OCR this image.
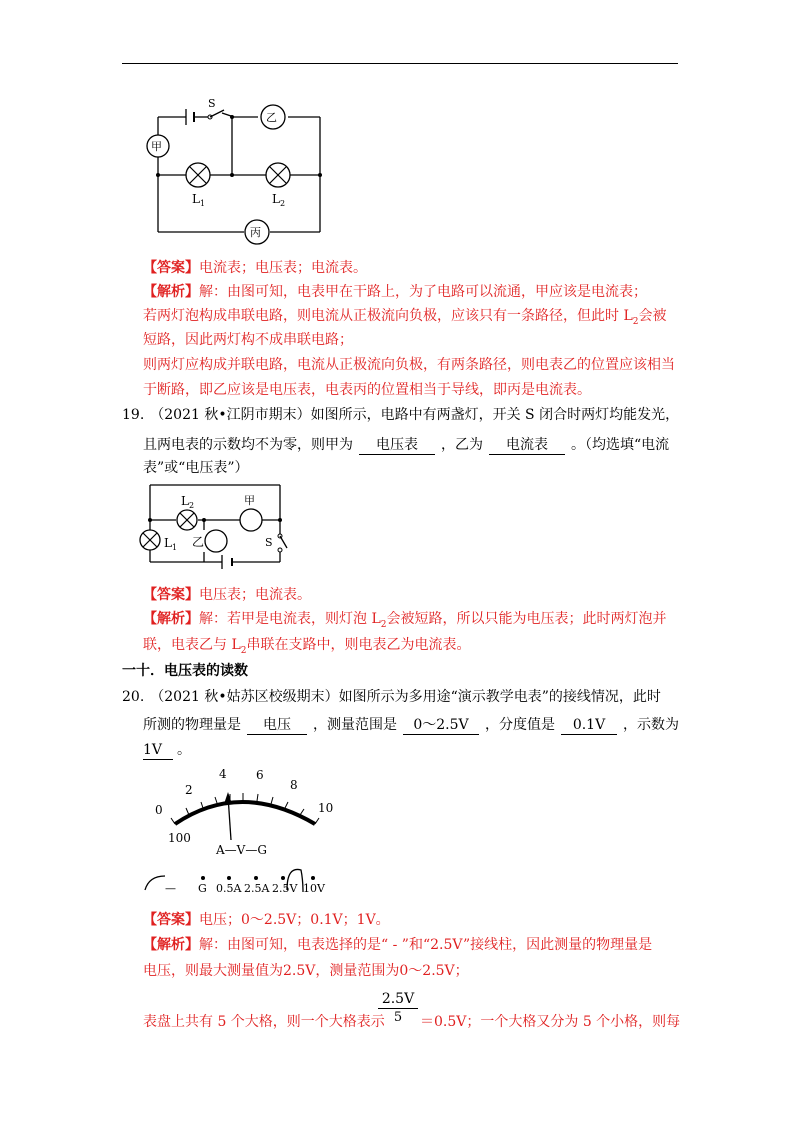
S
甲
乙
$L_1$	$L_2$
丙
【答案】电流表；电压表；电流表。
【解析】解：由图可知，电表甲在干路上，为了电路可以流通，甲应该是电流表；
若两灯泡构成串联电路，则电流从正极流向负极，应该只有一条路径，但此时 $L_2$会被
短路，因此两灯构不成串联电路；
则两灯应构成并联电路，电流从正极流向负极，有两条路径，则电表乙的位置应该相当
于断路，即乙应该是电压表，电表丙的位置相当于导线，即丙是电流表。
19. （2021 秋•江阴市期末）如图所示，电路中有两盏灯，开关 S 闭合时两灯均能发光，
且两电表的示数均不为零，则甲为 电压表 ，乙为 电流表 。（均选填“电流
表”或“电压表”）
$L_2$	甲
$L_1$ 乙	S
【答案】电压表；电流表。
【解析】解：若甲是电流表，则灯泡 $L_2$会被短路，所以只能为电压表；此时两灯泡并
联，电表乙与 $L_2$串联在支路中，则电表乙为电流表。
一十．电压表的读数
20. （2021 秋•姑苏区校级期末）如图所示为多用途“演示教学电表”的接线情况，此时
所测的物理量是 电压 ，测量范围是 0～2.5V ，分度值是 0.1V ，示数为
1V 。
0
2
4 6
8
10
100
A—V—G
— G 0.5A 2.5A 2.5V 10V
【答案】电压；0～2.5V；0.1V；1V。
【解析】解：由图可知，电表选择的是“ - ”和“2.5V”接线柱，因此测量的物理量是
电压，则最大测量值为2.5V，测量范围为0～2.5V；
$\frac{2.5V}{5}$
表盘上共有 5 个大格，则一个大格表示	＝0.5V；一个大格又分为 5 个小格，则每
